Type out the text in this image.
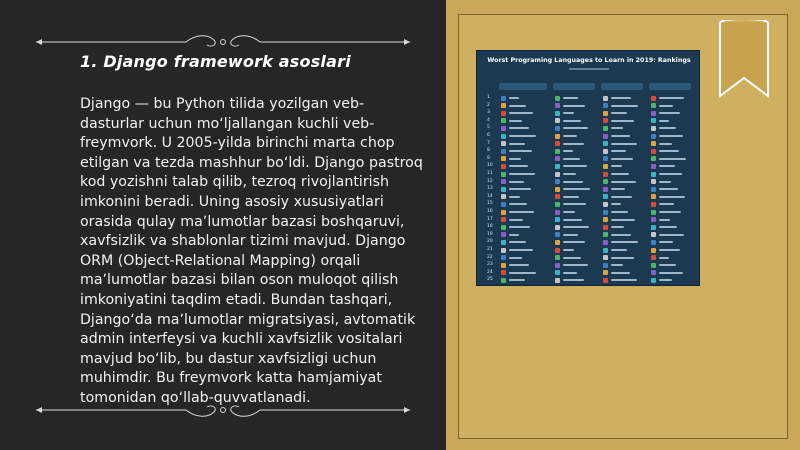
1. Django framework asoslari
Django — bu Python tilida yozilgan veb-dasturlar uchun moʻljallangan kuchli veb-freymvork. U 2005-yilda birinchi marta chop etilgan va tezda mashhur boʻldi. Django pastroq kod yozishni talab qilib, tezroq rivojlantirish imkonini beradi. Uning asosiy xususiyatlari orasida qulay maʼlumotlar bazasi boshqaruvi, xavfsizlik va shablonlar tizimi mavjud. Django ORM (Object-Relational Mapping) orqali maʼlumotlar bazasi bilan oson muloqot qilish imkoniyatini taqdim etadi. Bundan tashqari, Djangoʻda maʼlumotlar migratsiyasi, avtomatik admin interfeysi va kuchli xavfsizlik vositalari mavjud boʻlib, bu dastur xavfsizligi uchun muhimdir. Bu freymvork katta hamjamiyat tomonidan qoʻllab-quvvatlanadi.
Worst Programing Languages to Learn in 2019: Rankings
1
2
3
4
5
6
7
8
9
10
11
12
13
14
15
16
17
18
19
20
21
22
23
24
25
